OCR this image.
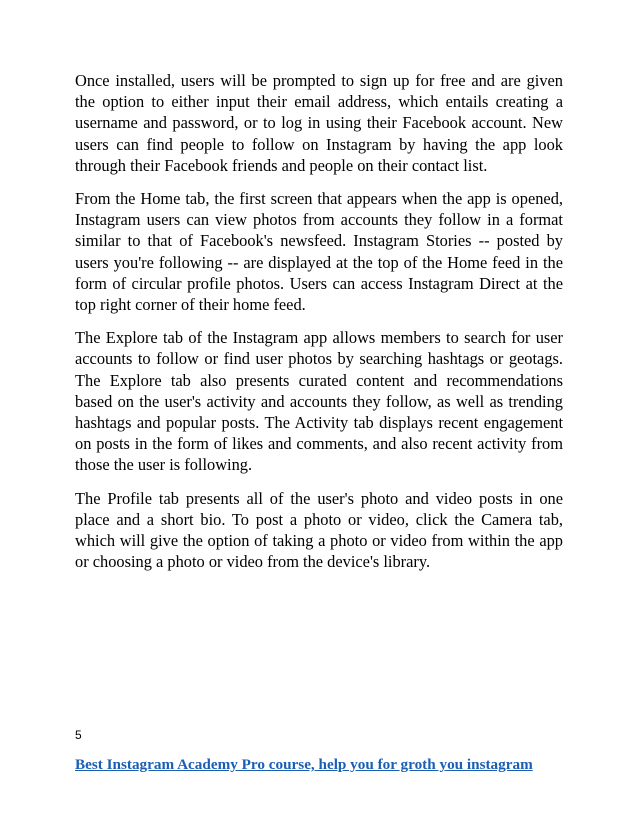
Once installed, users will be prompted to sign up for free and are given the option to either input their email address, which entails creating a username and password, or to log in using their Facebook account. New users can find people to follow on Instagram by having the app look through their Facebook friends and people on their contact list.

From the Home tab, the first screen that appears when the app is opened, Instagram users can view photos from accounts they follow in a format similar to that of Facebook's newsfeed. Instagram Stories -- posted by users you're following -- are displayed at the top of the Home feed in the form of circular profile photos. Users can access Instagram Direct at the top right corner of their home feed.

The Explore tab of the Instagram app allows members to search for user accounts to follow or find user photos by searching hashtags or geotags. The Explore tab also presents curated content and recommendations based on the user's activity and accounts they follow, as well as trending hashtags and popular posts. The Activity tab displays recent engagement on posts in the form of likes and comments, and also recent activity from those the user is following.

The Profile tab presents all of the user's photo and video posts in one place and a short bio. To post a photo or video, click the Camera tab, which will give the option of taking a photo or video from within the app or choosing a photo or video from the device's library.

5
Best Instagram Academy Pro course, help you for groth you instagram
